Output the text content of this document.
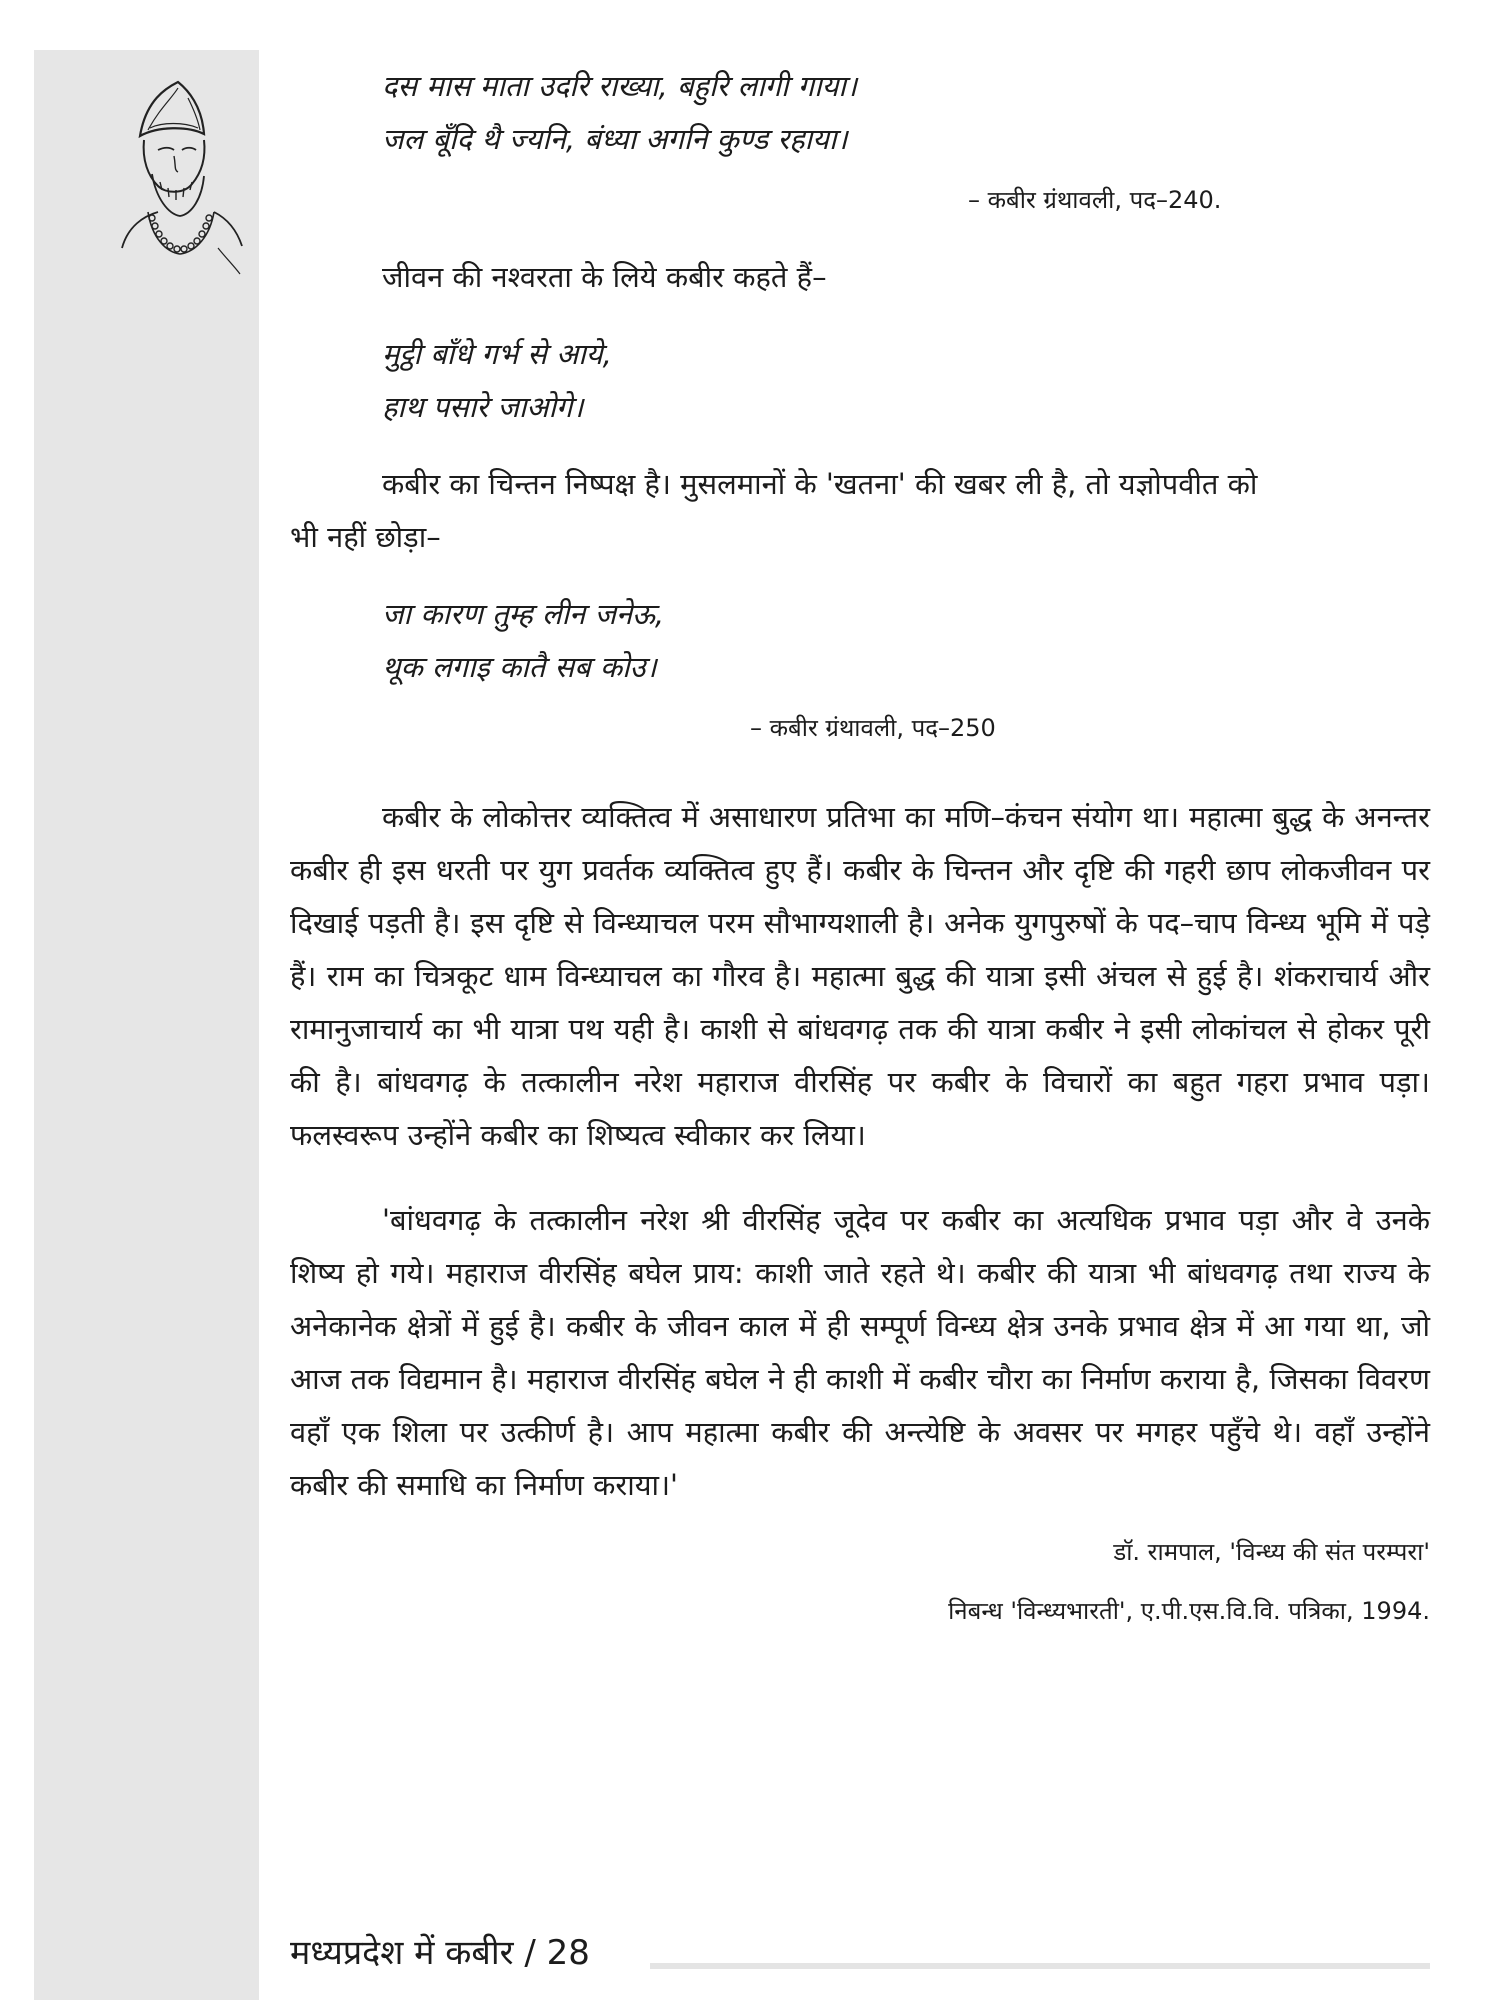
दस मास माता उदरि राख्या, बहुरि लागी गाया।
जल बूँदि थै ज्यनि, बंध्या अगनि कुण्ड रहाया।
– कबीर ग्रंथावली, पद–240.
जीवन की नश्वरता के लिये कबीर कहते हैं–
मुट्ठी बाँधे गर्भ से आये,
हाथ पसारे जाओगे।
कबीर का चिन्तन निष्पक्ष है। मुसलमानों के 'खतना' की खबर ली है, तो यज्ञोपवीत को
भी नहीं छोड़ा–
जा कारण तुम्ह लीन जनेऊ,
थूक लगाइ कातै सब कोउ।
– कबीर ग्रंथावली, पद–250
कबीर के लोकोत्तर व्यक्तित्व में असाधारण प्रतिभा का मणि–कंचन संयोग था। महात्मा बुद्ध के अनन्तर कबीर ही इस धरती पर युग प्रवर्तक व्यक्तित्व हुए हैं। कबीर के चिन्तन और दृष्टि की गहरी छाप लोकजीवन पर दिखाई पड़ती है। इस दृष्टि से विन्ध्याचल परम सौभाग्यशाली है। अनेक युगपुरुषों के पद–चाप विन्ध्य भूमि में पड़े हैं। राम का चित्रकूट धाम विन्ध्याचल का गौरव है। महात्मा बुद्ध की यात्रा इसी अंचल से हुई है। शंकराचार्य और रामानुजाचार्य का भी यात्रा पथ यही है। काशी से बांधवगढ़ तक की यात्रा कबीर ने इसी लोकांचल से होकर पूरी की है। बांधवगढ़ के तत्कालीन नरेश महाराज वीरसिंह पर कबीर के विचारों का बहुत गहरा प्रभाव पड़ा। फलस्वरूप उन्होंने कबीर का शिष्यत्व स्वीकार कर लिया।
'बांधवगढ़ के तत्कालीन नरेश श्री वीरसिंह जूदेव पर कबीर का अत्यधिक प्रभाव पड़ा और वे उनके शिष्य हो गये। महाराज वीरसिंह बघेल प्राय: काशी जाते रहते थे। कबीर की यात्रा भी बांधवगढ़ तथा राज्य के अनेकानेक क्षेत्रों में हुई है। कबीर के जीवन काल में ही सम्पूर्ण विन्ध्य क्षेत्र उनके प्रभाव क्षेत्र में आ गया था, जो आज तक विद्यमान है। महाराज वीरसिंह बघेल ने ही काशी में कबीर चौरा का निर्माण कराया है, जिसका विवरण वहाँ एक शिला पर उत्कीर्ण है। आप महात्मा कबीर की अन्त्येष्टि के अवसर पर मगहर पहुँचे थे। वहाँ उन्होंने कबीर की समाधि का निर्माण कराया।'
डॉ. रामपाल, 'विन्ध्य की संत परम्परा'
निबन्ध 'विन्ध्यभारती', ए.पी.एस.वि.वि. पत्रिका, 1994.
मध्यप्रदेश में कबीर / 28
